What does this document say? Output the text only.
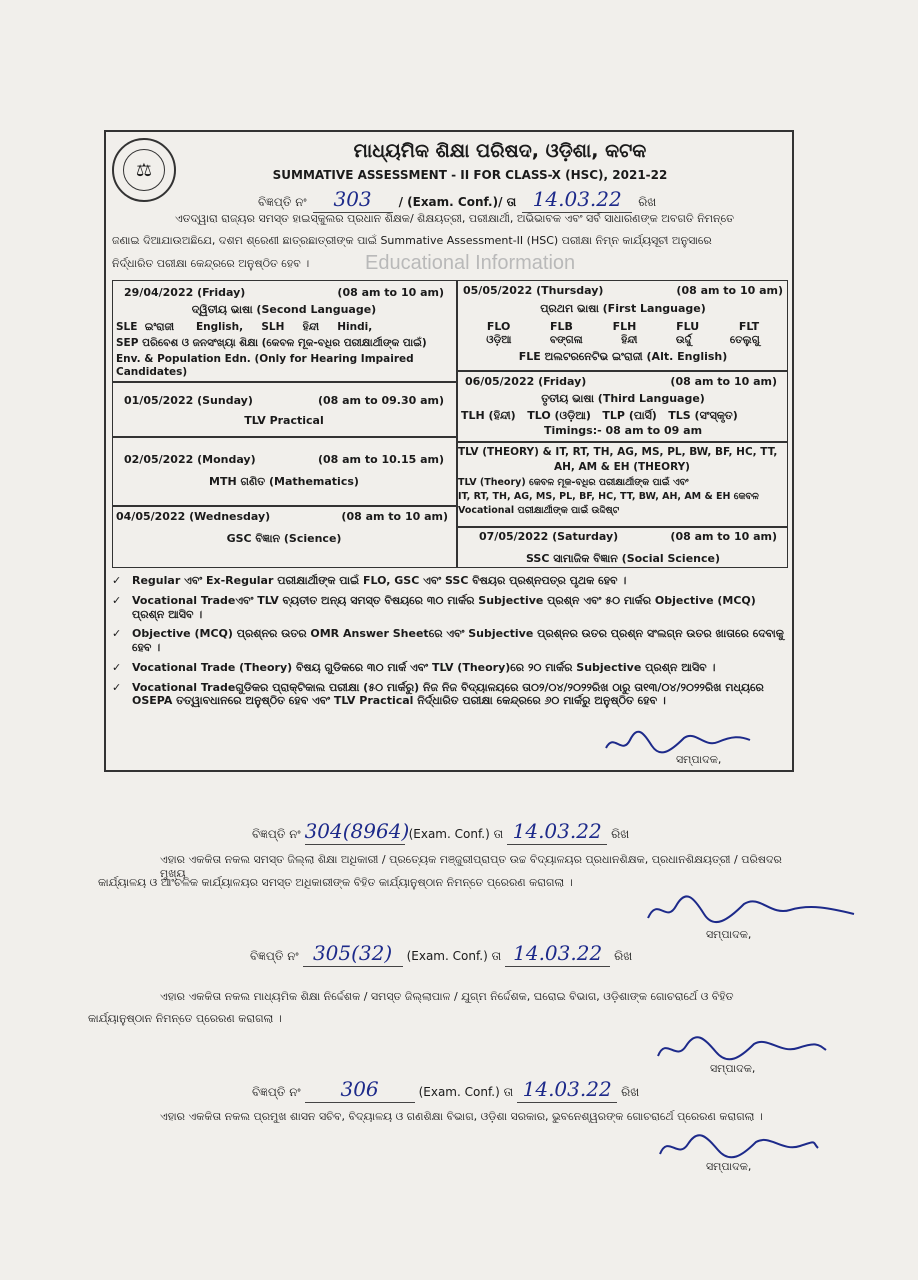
⚖
ମାଧ୍ୟମିକ ଶିକ୍ଷା ପରିଷଦ, ଓଡ଼ିଶା, କଟକ
SUMMATIVE ASSESSMENT - II FOR CLASS-X (HSC), 2021-22
ବିଜ୍ଞପ୍ତି ନଂ	303	/ (Exam. Conf.)/ ତା 14.03.22	ରିଖ
ଏତଦ୍ୱାରା ରାଜ୍ୟର ସମସ୍ତ ହାଇସ୍କୁଲର ପ୍ରଧାନ ଶିକ୍ଷକ/ ଶିକ୍ଷୟତ୍ରୀ, ପରୀକ୍ଷାର୍ଥୀ, ଅଭିଭାବକ ଏବଂ ସର୍ବ ସାଧାରଣଙ୍କ ଅବଗତି ନିମନ୍ତେ
ଜଣାଇ ଦିଆଯାଉଅଛିଯେ, ଦଶମ ଶ୍ରେଣୀ ଛାତ୍ରଛାତ୍ରୀଙ୍କ ପାଇଁ Summative Assessment-II (HSC) ପରୀକ୍ଷା ନିମ୍ନ କାର୍ଯ୍ୟସୂଚୀ ଅନୁସାରେ
ନିର୍ଦ୍ଧାରିତ ପରୀକ୍ଷା କେନ୍ଦ୍ରରେ ଅନୁଷ୍ଠିତ ହେବ ।	Educational Information
29/04/2022 (Friday)	(08 am to 10 am)
ଦ୍ୱିତୀୟ ଭାଷା (Second Language)
SLE  ଇଂରାଜୀ      English,     SLH     ହିନ୍ଦୀ     Hindi,
SEP ପରିବେଶ ଓ ଜନସଂଖ୍ୟା ଶିକ୍ଷା (କେବଳ ମୂକ-ବଧିର ପରୀକ୍ଷାର୍ଥୀଙ୍କ ପାଇଁ)
Env. & Population Edn. (Only for Hearing Impaired Candidates)
01/05/2022 (Sunday)	(08 am to 09.30 am)
TLV Practical
02/05/2022 (Monday)	(08 am to 10.15 am)
MTH ଗଣିତ (Mathematics)
04/05/2022 (Wednesday)	(08 am to 10 am)
GSC ବିଜ୍ଞାନ (Science)
05/05/2022 (Thursday)	(08 am to 10 am)
ପ୍ରଥମ ଭାଷା (First Language)
FLO	FLB	FLH	FLU	FLT
ଓଡ଼ିଆ	ବଙ୍ଗଳା	ହିନ୍ଦୀ	ଉର୍ଦ୍ଦୁ	ତେଲୁଗୁ
FLE ଅଲଟରନେଟିଭ ଇଂରାଜୀ (Alt. English)
06/05/2022 (Friday)	(08 am to 10 am)
ତୃତୀୟ ଭାଷା (Third Language)
TLH (ହିନ୍ଦୀ)   TLO (ଓଡ଼ିଆ)   TLP (ପାର୍ସି)   TLS (ସଂସ୍କୃତ)
Timings:- 08 am to 09 am
TLV (THEORY) & IT, RT, TH, AG, MS, PL, BW, BF, HC, TT,
AH, AM & EH (THEORY)
TLV (Theory) କେବଳ ମୂକ-ବଧିର ପରୀକ୍ଷାର୍ଥୀଙ୍କ ପାଇଁ ଏବଂ
IT, RT, TH, AG, MS, PL, BF, HC, TT, BW, AH, AM & EH କେବଳ
Vocational ପରୀକ୍ଷାର୍ଥୀଙ୍କ ପାଇଁ ଉଦ୍ଦିଷ୍ଟ
07/05/2022 (Saturday)	(08 am to 10 am)
SSC ସାମାଜିକ ବିଜ୍ଞାନ (Social Science)
✓ Regular ଏବଂ Ex-Regular ପରୀକ୍ଷାର୍ଥୀଙ୍କ ପାଇଁ FLO, GSC ଏବଂ SSC ବିଷୟର ପ୍ରଶ୍ନପତ୍ର ପୃଥକ ହେବ ।
✓ Vocational Tradeଏବଂ TLV ବ୍ୟତୀତ ଅନ୍ୟ ସମସ୍ତ ବିଷୟରେ ୩୦ ମାର୍କର Subjective ପ୍ରଶ୍ନ ଏବଂ ୫୦ ମାର୍କର Objective (MCQ) ପ୍ରଶ୍ନ ଆସିବ ।
✓ Objective (MCQ) ପ୍ରଶ୍ନର ଉତର OMR Answer Sheetରେ ଏବଂ Subjective ପ୍ରଶ୍ନର ଉତର ପ୍ରଶ୍ନ ସଂଲଗ୍ନ ଉତର ଖାତାରେ ଦେବାକୁ ହେବ ।
✓ Vocational Trade (Theory) ବିଷୟ ଗୁଡିକରେ ୩୦ ମାର୍କ ଏବଂ TLV (Theory)ରେ ୨୦ ମାର୍କର Subjective ପ୍ରଶ୍ନ ଆସିବ ।
✓ Vocational Tradeଗୁଡିକର ପ୍ରାକ୍ଟିକାଲ ପରୀକ୍ଷା (୫୦ ମାର୍କରୁ) ନିଜ ନିଜ ବିଦ୍ୟାଳୟରେ ତା୦୨/୦୪/୨୦୨୨ରିଖ ଠାରୁ ତା୧୩/୦୪/୨୦୨୨ରିଖ ମଧ୍ୟରେ OSEPA ତତ୍ୱାବଧାନରେ ଅନୁଷ୍ଠିତ ହେବ ଏବଂ TLV Practical ନିର୍ଦ୍ଧାରିତ ପରୀକ୍ଷା କେନ୍ଦ୍ରରେ ୬୦ ମାର୍କରୁ ଅନୁଷ୍ଠିତ ହେବ ।
ସମ୍ପାଦକ,
ବିଜ୍ଞପ୍ତି ନଂ 304(8964) (Exam. Conf.) ତା 14.03.22 ରିଖ
ଏହାର ଏକକିତା ନକଲ ସମସ୍ତ ଜିଲ୍ଲା ଶିକ୍ଷା ଅଧିକାରୀ / ପ୍ରତ୍ୟେକ ମଞ୍ଜୁରୀପ୍ରାପ୍ତ ଉଚ୍ଚ ବିଦ୍ୟାଳୟର ପ୍ରଧାନଶିକ୍ଷକ, ପ୍ରଧାନଶିକ୍ଷୟତ୍ରୀ / ପରିଷଦର ମୁଖ୍ୟ
କାର୍ଯ୍ୟାଳୟ ଓ ଆଂଚଳିକ କାର୍ଯ୍ୟାଳୟର ସମସ୍ତ ଅଧିକାରୀଙ୍କ ବିହିତ କାର୍ଯ୍ୟାନୁଷ୍ଠାନ ନିମନ୍ତେ ପ୍ରେରଣ କରାଗଲା ।
ସମ୍ପାଦକ,
ବିଜ୍ଞପ୍ତି ନଂ 305(32)	(Exam. Conf.) ତା 14.03.22 ରିଖ
ଏହାର ଏକକିତା ନକଲ ମାଧ୍ୟମିକ ଶିକ୍ଷା ନିର୍ଦ୍ଦେଶକ / ସମସ୍ତ ଜିଲ୍ଲାପାଳ / ଯୁଗ୍ମ ନିର୍ଦ୍ଦେଶକ, ଘରୋଇ ବିଭାଗ, ଓଡ଼ିଶାଙ୍କ ଗୋଚରାର୍ଥେ ଓ ବିହିତ
କାର୍ଯ୍ୟାନୁଷ୍ଠାନ ନିମନ୍ତେ ପ୍ରେରଣ କରାଗଲା ।
ସମ୍ପାଦକ,
ବିଜ୍ଞପ୍ତି ନଂ	306	(Exam. Conf.) ତା 14.03.22 ରିଖ
ଏହାର ଏକକିତା ନକଲ ପ୍ରମୁଖ ଶାସନ ସଚିବ, ବିଦ୍ୟାଳୟ ଓ ଗଣଶିକ୍ଷା ବିଭାଗ, ଓଡ଼ିଶା ସରକାର, ଭୁବନେଶ୍ୱରଙ୍କ ଗୋଚରାର୍ଥେ ପ୍ରେରଣ କରାଗଲା ।
ସମ୍ପାଦକ,
